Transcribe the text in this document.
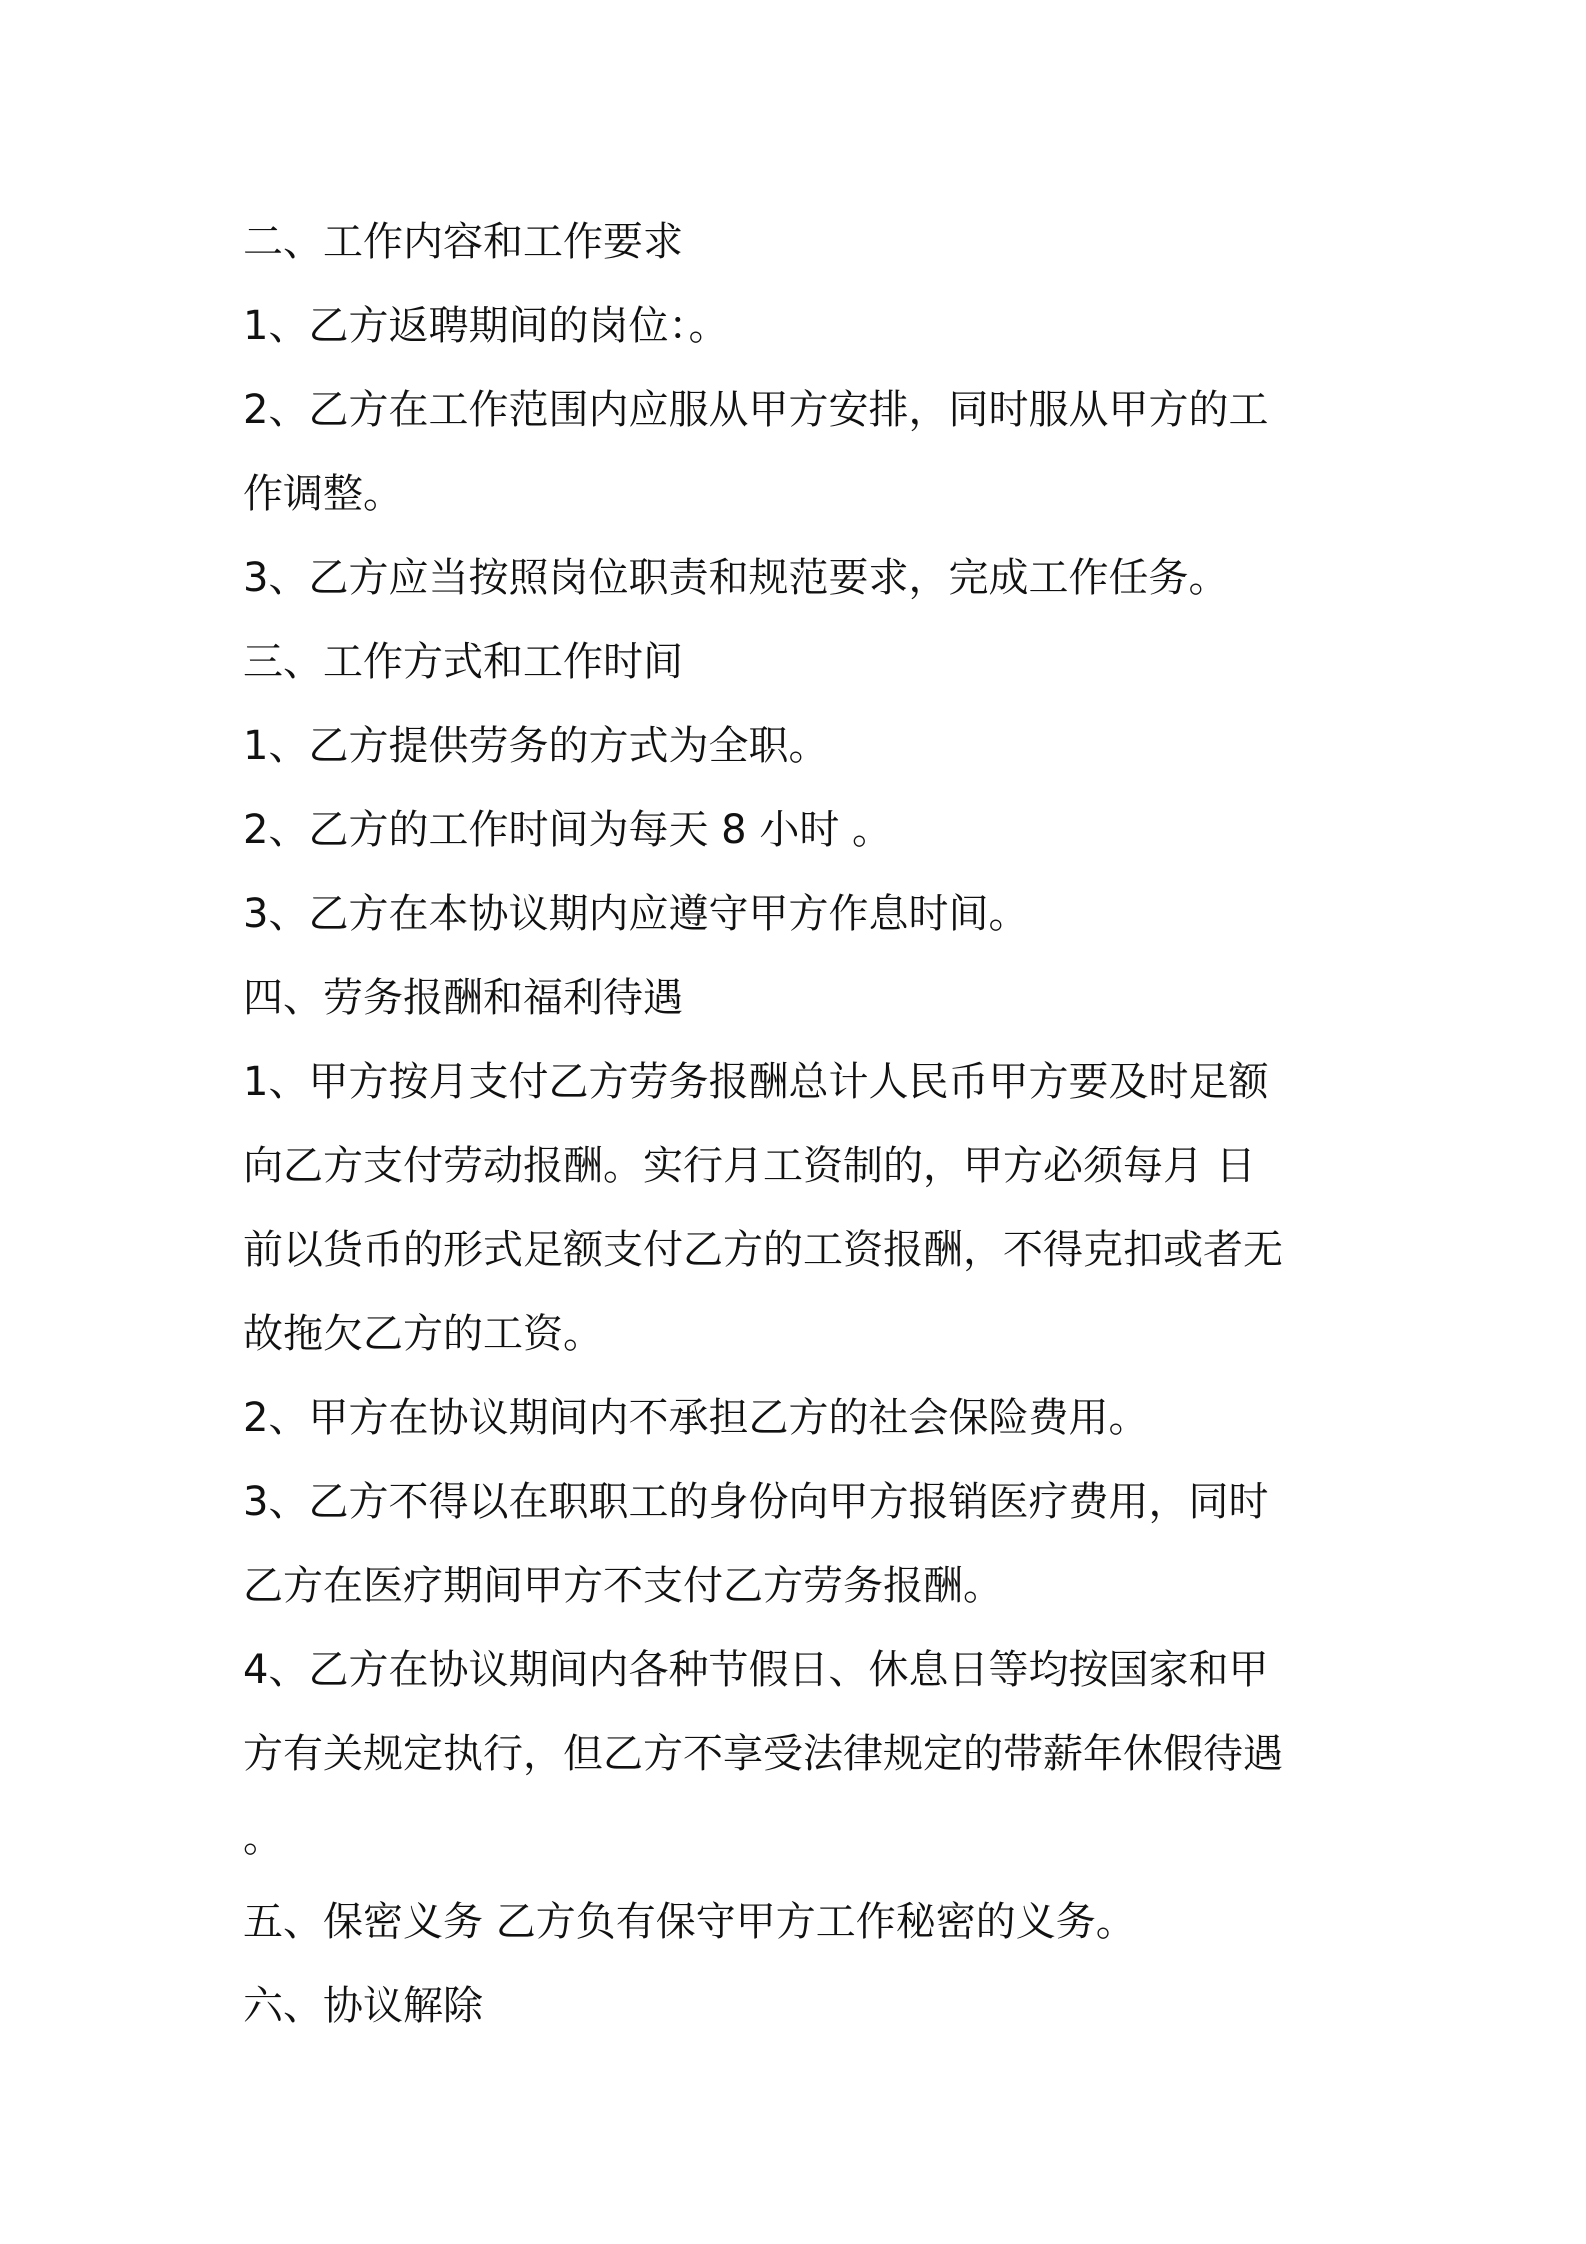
二、工作内容和工作要求
1、乙方返聘期间的岗位：。
2、乙方在工作范围内应服从甲方安排，同时服从甲方的工
作调整。
3、乙方应当按照岗位职责和规范要求，完成工作任务。
三、工作方式和工作时间
1、乙方提供劳务的方式为全职。
2、乙方的工作时间为每天 8 小时 。
3、乙方在本协议期内应遵守甲方作息时间。
四、劳务报酬和福利待遇
1、甲方按月支付乙方劳务报酬总计人民币甲方要及时足额
向乙方支付劳动报酬。实行月工资制的，甲方必须每月 日
前以货币的形式足额支付乙方的工资报酬，不得克扣或者无
故拖欠乙方的工资。
2、甲方在协议期间内不承担乙方的社会保险费用。
3、乙方不得以在职职工的身份向甲方报销医疗费用，同时
乙方在医疗期间甲方不支付乙方劳务报酬。
4、乙方在协议期间内各种节假日、休息日等均按国家和甲
方有关规定执行，但乙方不享受法律规定的带薪年休假待遇
。
五、保密义务 乙方负有保守甲方工作秘密的义务。
六、协议解除
